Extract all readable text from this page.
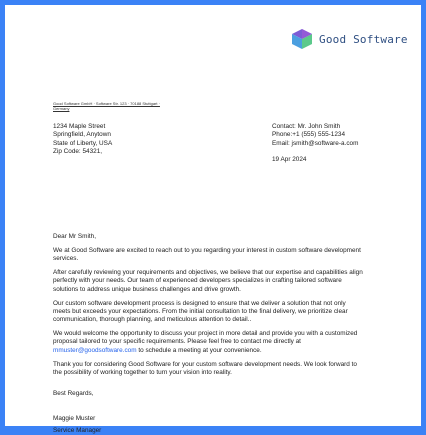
Good Software
Good Software GmbH · Software Str. 123 · 70188 Stuttgart · Germany
1234 Maple Street
Springfield, Anytown
State of Liberty, USA
Zip Code: 54321,
Contact: Mr. John Smith
Phone:+1 (555) 555-1234
Email: jsmith@software-a.com
19 Apr 2024

Dear Mr Smith,

We at Good Software are excited to reach out to you regarding your interest in custom software development services.

After carefully reviewing your requirements and objectives, we believe that our expertise and capabilities align perfectly with your needs. Our team of experienced developers specializes in crafting tailored software solutions to address unique business challenges and drive growth.

Our custom software development process is designed to ensure that we deliver a solution that not only meets but exceeds your expectations. From the initial consultation to the final delivery, we prioritize clear communication, thorough planning, and meticulous attention to detail..

We would welcome the opportunity to discuss your project in more detail and provide you with a customized proposal tailored to your specific requirements. Please feel free to contact me directly at mmuster@goodsoftware.com to schedule a meeting at your convenience.

Thank you for considering Good Software for your custom software development needs. We look forward to the possibility of working together to turn your vision into reality.

Best Regards,
Maggie Muster
Service Manager
